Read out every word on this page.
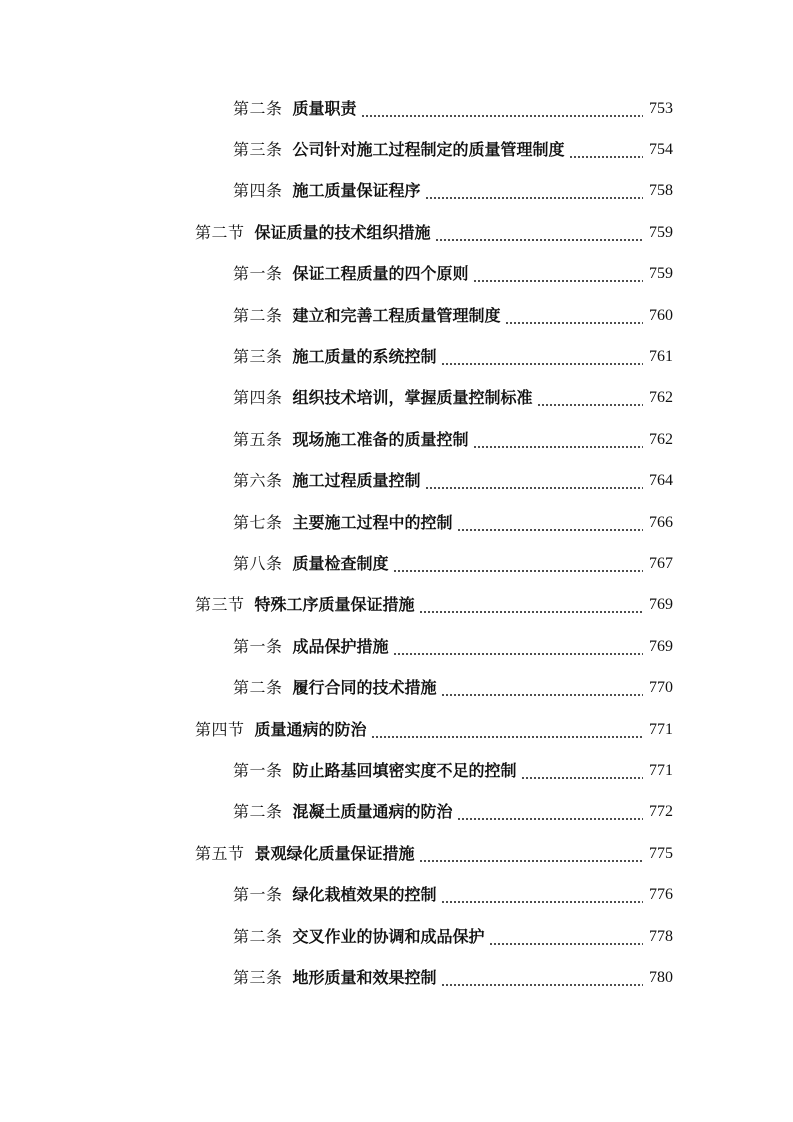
第二条 质量职责	753
第三条 公司针对施工过程制定的质量管理制度	754
第四条 施工质量保证程序	758
第二节 保证质量的技术组织措施	759
第一条 保证工程质量的四个原则	759
第二条 建立和完善工程质量管理制度	760
第三条 施工质量的系统控制	761
第四条 组织技术培训，掌握质量控制标准	762
第五条 现场施工准备的质量控制	762
第六条 施工过程质量控制	764
第七条 主要施工过程中的控制	766
第八条 质量检查制度	767
第三节 特殊工序质量保证措施	769
第一条 成品保护措施	769
第二条 履行合同的技术措施	770
第四节 质量通病的防治	771
第一条 防止路基回填密实度不足的控制	771
第二条 混凝土质量通病的防治	772
第五节 景观绿化质量保证措施	775
第一条 绿化栽植效果的控制	776
第二条 交叉作业的协调和成品保护	778
第三条 地形质量和效果控制	780
